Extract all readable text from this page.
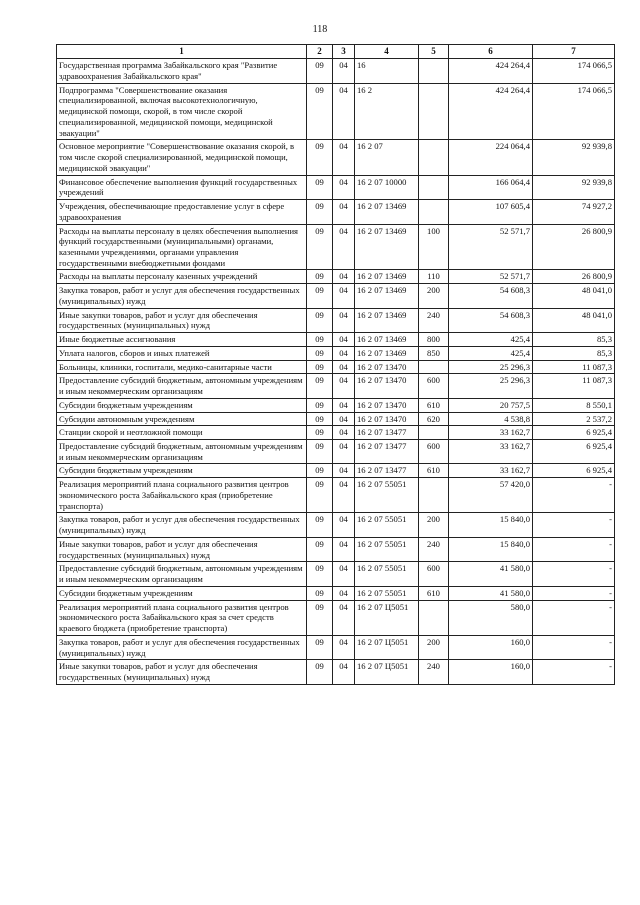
118
1	2	3	4	5	6	7
Государственная программа Забайкальского края "Развитие здравоохранения Забайкальского края"	09	04	16		424 264,4	174 066,5
Подпрограмма "Совершенствование оказания специализированной, включая высокотехнологичную, медицинской помощи, скорой, в том числе скорой специализированной, медицинской помощи, медицинской эвакуации"	09	04	16 2		424 264,4	174 066,5
Основное мероприятие "Совершенствование оказания скорой, в том числе скорой специализированной, медицинской помощи, медицинской эвакуации"	09	04	16 2 07		224 064,4	92 939,8
Финансовое обеспечение выполнения функций государственных учреждений	09	04	16 2 07 10000		166 064,4	92 939,8
Учреждения, обеспечивающие предоставление услуг в сфере здравоохранения	09	04	16 2 07 13469		107 605,4	74 927,2
Расходы на выплаты персоналу в целях обеспечения выполнения функций государственными (муниципальными) органами, казенными учреждениями, органами управления государственными внебюджетными фондами	09	04	16 2 07 13469	100	52 571,7	26 800,9
Расходы на выплаты персоналу казенных учреждений	09	04	16 2 07 13469	110	52 571,7	26 800,9
Закупка товаров, работ и услуг для обеспечения государственных (муниципальных) нужд	09	04	16 2 07 13469	200	54 608,3	48 041,0
Иные закупки товаров, работ и услуг для обеспечения государственных (муниципальных) нужд	09	04	16 2 07 13469	240	54 608,3	48 041,0
Иные бюджетные ассигнования	09	04	16 2 07 13469	800	425,4	85,3
Уплата налогов, сборов и иных платежей	09	04	16 2 07 13469	850	425,4	85,3
Больницы, клиники, госпитали, медико-санитарные части	09	04	16 2 07 13470		25 296,3	11 087,3
Предоставление субсидий бюджетным, автономным учреждениям и иным некоммерческим организациям	09	04	16 2 07 13470	600	25 296,3	11 087,3
Субсидии бюджетным учреждениям	09	04	16 2 07 13470	610	20 757,5	8 550,1
Субсидии автономным учреждениям	09	04	16 2 07 13470	620	4 538,8	2 537,2
Станции скорой и неотложной помощи	09	04	16 2 07 13477		33 162,7	6 925,4
Предоставление субсидий бюджетным, автономным учреждениям и иным некоммерческим организациям	09	04	16 2 07 13477	600	33 162,7	6 925,4
Субсидии бюджетным учреждениям	09	04	16 2 07 13477	610	33 162,7	6 925,4
Реализация мероприятий плана социального развития центров экономического роста Забайкальского края (приобретение транспорта)	09	04	16 2 07 55051		57 420,0	-
Закупка товаров, работ и услуг для обеспечения государственных (муниципальных) нужд	09	04	16 2 07 55051	200	15 840,0	-
Иные закупки товаров, работ и услуг для обеспечения государственных (муниципальных) нужд	09	04	16 2 07 55051	240	15 840,0	-
Предоставление субсидий бюджетным, автономным учреждениям и иным некоммерческим организациям	09	04	16 2 07 55051	600	41 580,0	-
Субсидии бюджетным учреждениям	09	04	16 2 07 55051	610	41 580,0	-
Реализация мероприятий плана социального развития центров экономического роста Забайкальского края за счет средств краевого бюджета (приобретение транспорта)	09	04	16 2 07 Ц5051		580,0	-
Закупка товаров, работ и услуг для обеспечения государственных (муниципальных) нужд	09	04	16 2 07 Ц5051	200	160,0	-
Иные закупки товаров, работ и услуг для обеспечения государственных (муниципальных) нужд	09	04	16 2 07 Ц5051	240	160,0	-
